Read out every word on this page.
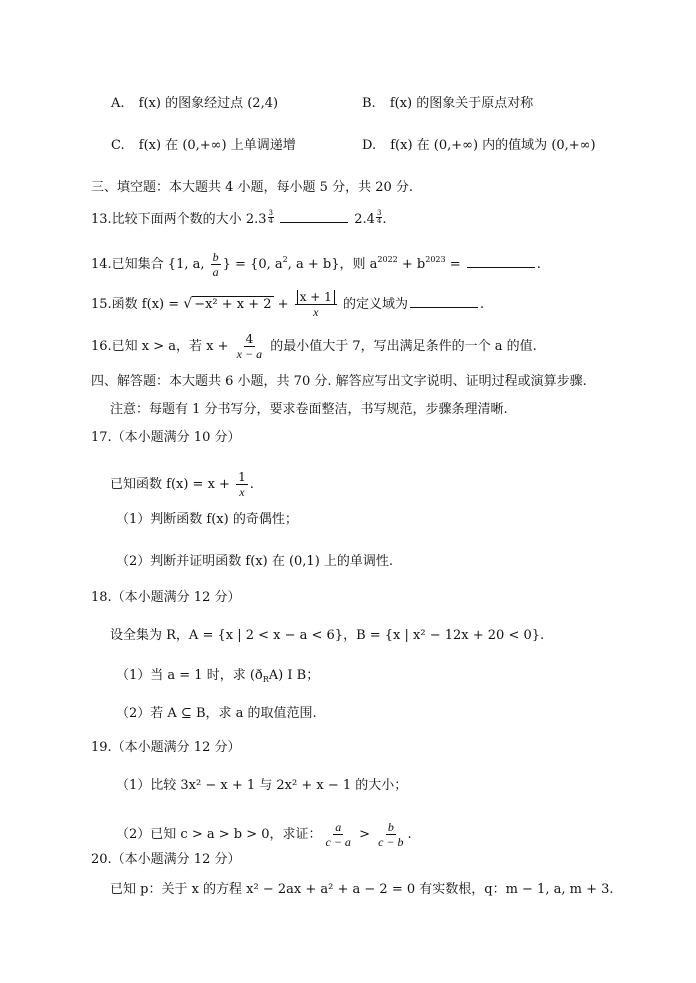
A. f(x) 的图象经过点 (2,4)	B. f(x) 的图象关于原点对称
C. f(x) 在 (0,+∞) 上单调递增	D. f(x) 在 (0,+∞) 内的值域为 (0,+∞)
三、填空题：本大题共 4 小题，每小题 5 分，共 20 分.
13.比较下面两个数的大小 $2.3 \frac{3}{4}$	$2.4 \frac{3}{4}$ .
14.已知集合 {1, a, $\frac{b}{a}$ } = {0, $a^2$, a + b}，则 $a^{2022} + b^{2023}$ =	.
15.函数 f(x) = √ $-x^2 + x + 2 + \frac{x + 1}{x}$ 的定义域为	.
16.已知 x > a，若 $x + \frac{4}{x - a}$ 的最小值大于 7，写出满足条件的一个 a 的值.
四、解答题：本大题共 6 小题，共 70 分. 解答应写出文字说明、证明过程或演算步骤.
注意：每题有 1 分书写分，要求卷面整洁，书写规范，步骤条理清晰.
17.（本小题满分 10 分）
已知函数 $f(x) = x + \frac{1}{x}$ .
（1）判断函数 f(x) 的奇偶性；
（2）判断并证明函数 f(x) 在 (0,1) 上的单调性.
18.（本小题满分 12 分）
设全集为 R，A = {x | 2 < x − a < 6}，B = {x | x² − 12x + 20 < 0}.
（1）当 a = 1 时，求 $(ð_RA)$ I B；
（2）若 A ⊆ B，求 a 的取值范围.
19.（本小题满分 12 分）
（1）比较 3x² − x + 1 与 2x² + x − 1 的大小；
（2）已知 c > a > b > 0，求证： $\frac{a}{c - a} > \frac{b}{c - b}$ .
20.（本小题满分 12 分）
已知 p：关于 x 的方程 x² − 2ax + a² + a − 2 = 0 有实数根，q：m − 1, a, m + 3.
